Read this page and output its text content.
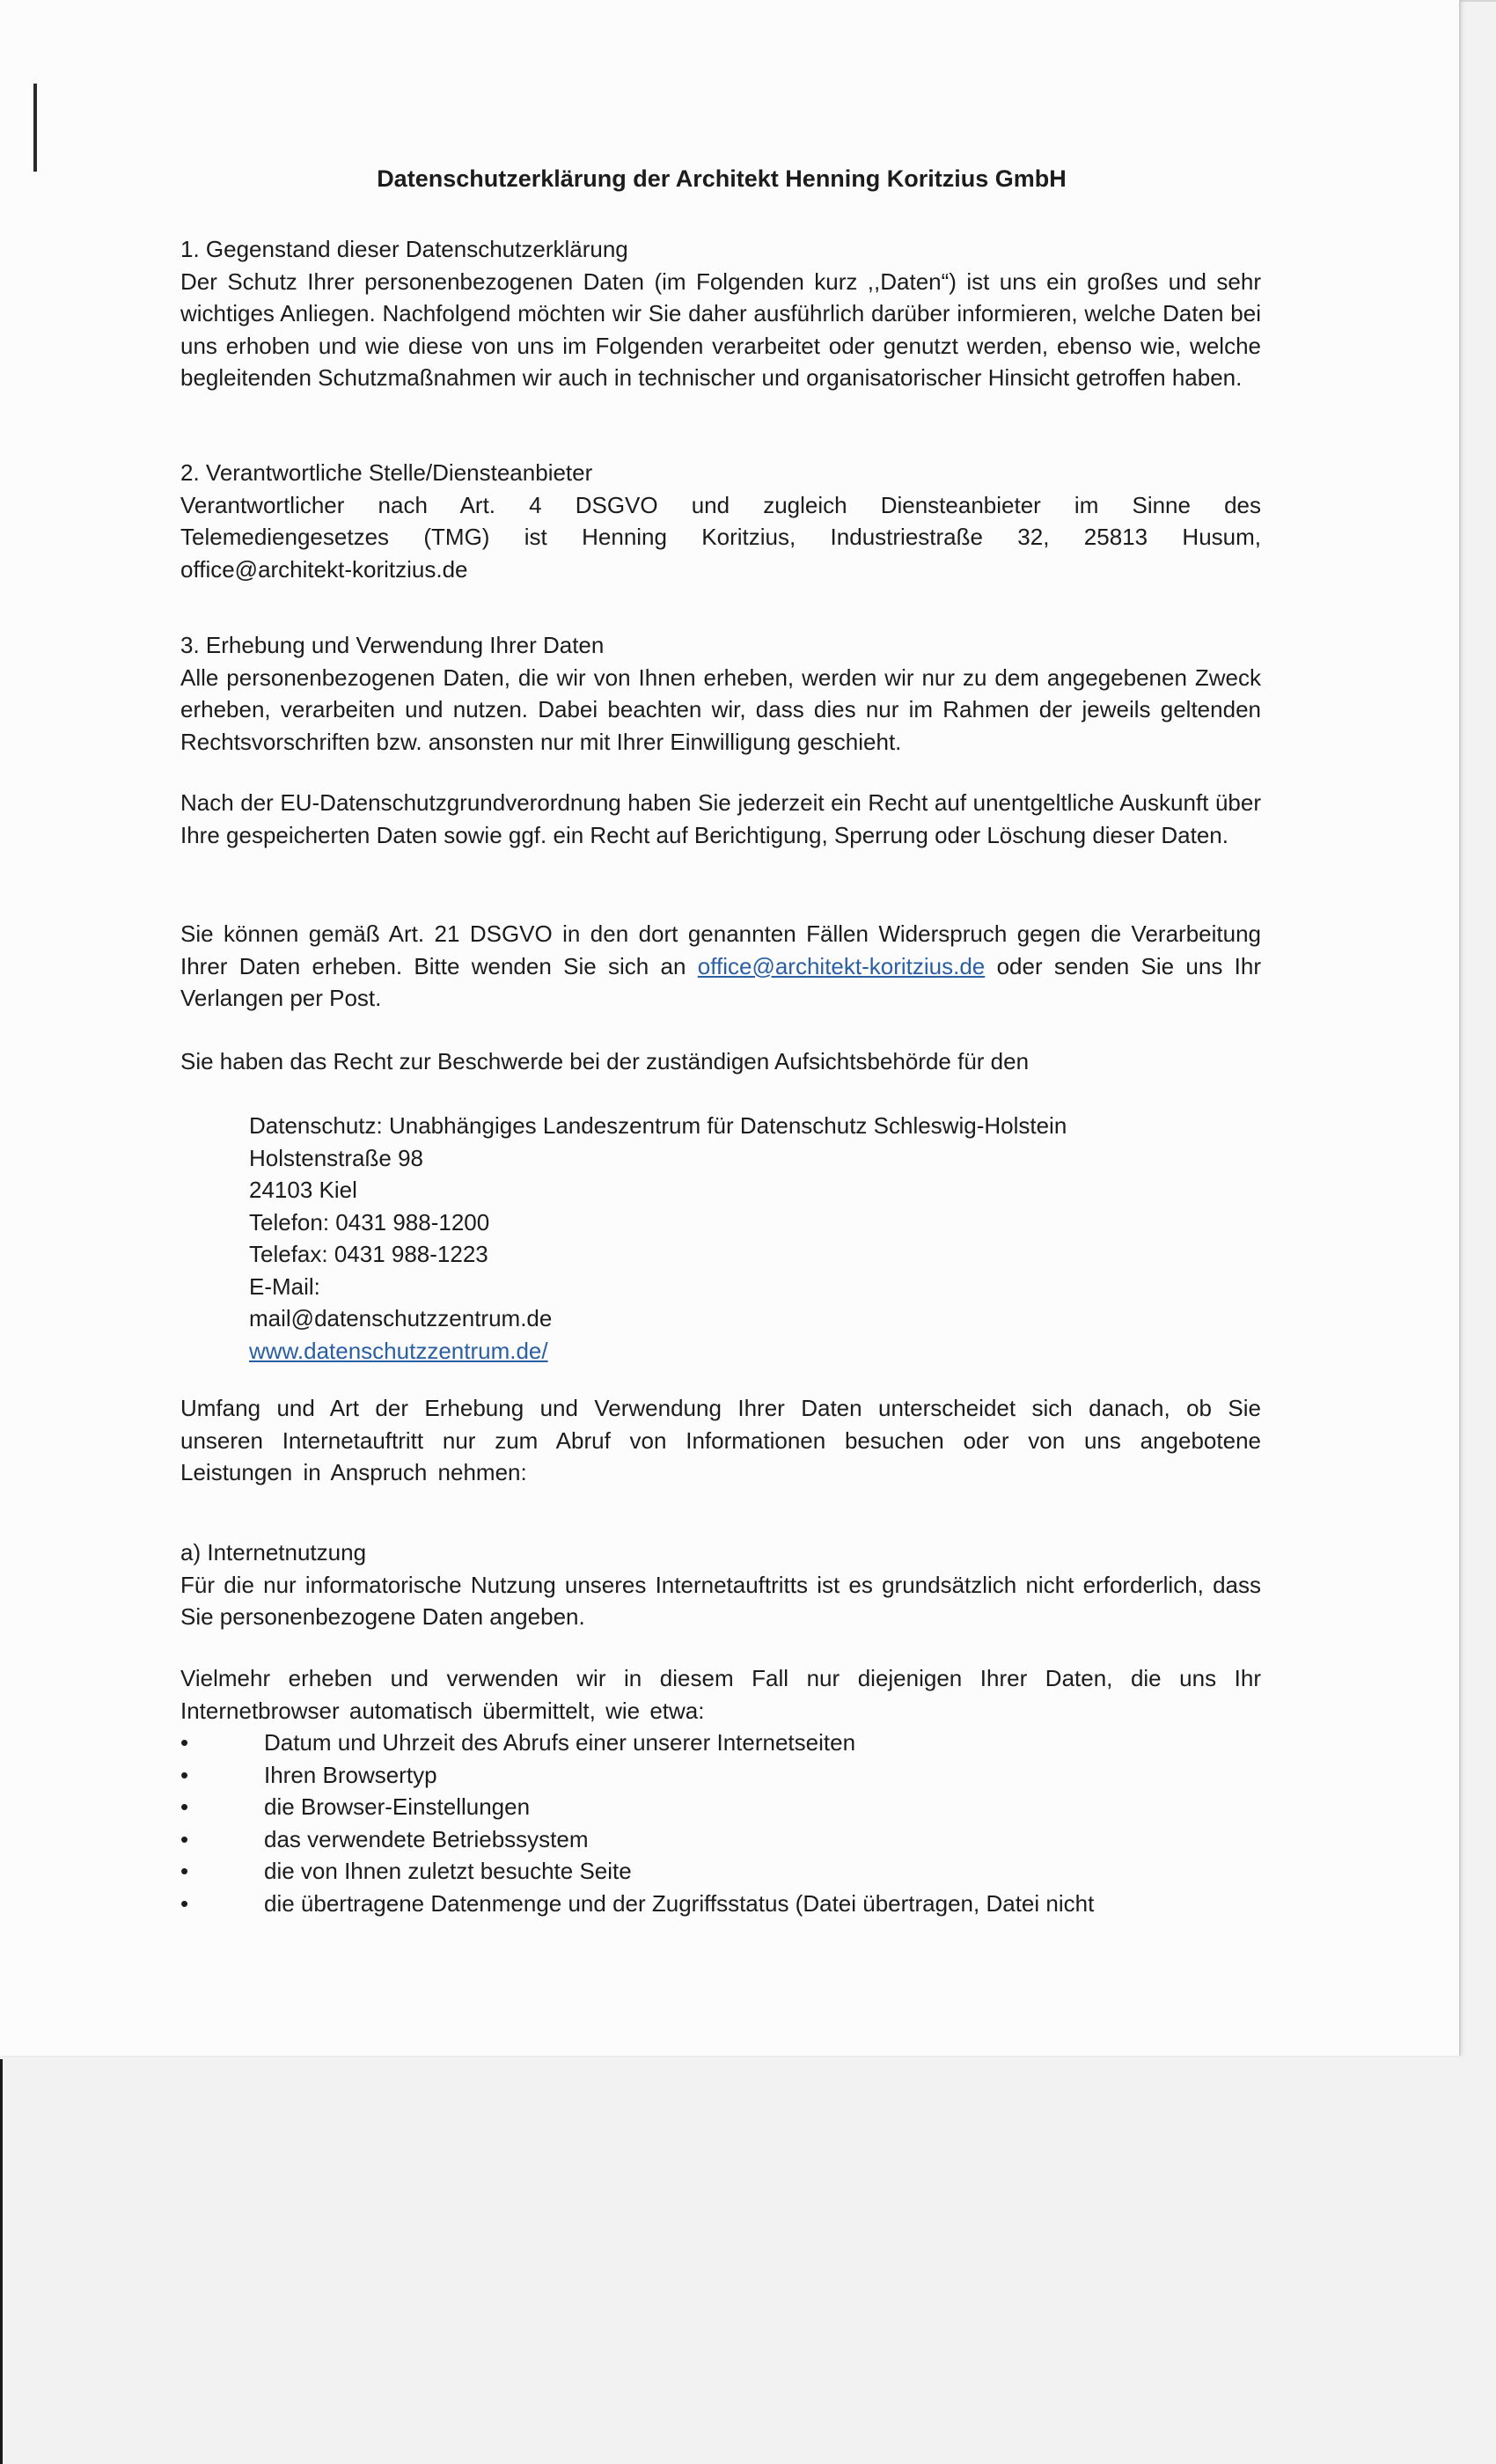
Datenschutzerklärung der Architekt Henning Koritzius GmbH

1. Gegenstand dieser Datenschutzerklärung

Der Schutz Ihrer personenbezogenen Daten (im Folgenden kurz ,,Daten“) ist uns ein großes und sehr wichtiges Anliegen. Nachfolgend möchten wir Sie daher ausführlich darüber informieren, welche Daten bei uns erhoben und wie diese von uns im Folgenden verarbeitet oder genutzt werden, ebenso wie, welche begleitenden Schutzmaßnahmen wir auch in technischer und organisatorischer Hinsicht getroffen haben.

2. Verantwortliche Stelle/Diensteanbieter

Verantwortlicher nach Art. 4 DSGVO und zugleich Diensteanbieter im Sinne des Telemediengesetzes (TMG) ist Henning Koritzius, Industriestraße 32, 25813 Husum, office@architekt-koritzius.de

3. Erhebung und Verwendung Ihrer Daten

Alle personenbezogenen Daten, die wir von Ihnen erheben, werden wir nur zu dem angegebenen Zweck erheben, verarbeiten und nutzen. Dabei beachten wir, dass dies nur im Rahmen der jeweils geltenden Rechtsvorschriften bzw. ansonsten nur mit Ihrer Einwilligung geschieht.

Nach der EU-Datenschutzgrundverordnung haben Sie jederzeit ein Recht auf unentgeltliche Auskunft über Ihre gespeicherten Daten sowie ggf. ein Recht auf Berichtigung, Sperrung oder Löschung dieser Daten.

Sie können gemäß Art. 21 DSGVO in den dort genannten Fällen Widerspruch gegen die Verarbeitung Ihrer Daten erheben. Bitte wenden Sie sich an office@architekt-koritzius.de oder senden Sie uns Ihr Verlangen per Post.

Sie haben das Recht zur Beschwerde bei der zuständigen Aufsichtsbehörde für den

Datenschutz: Unabhängiges Landeszentrum für Datenschutz Schleswig-Holstein

Holstenstraße 98

24103 Kiel

Telefon: 0431 988-1200

Telefax: 0431 988-1223

E-Mail:

mail@datenschutzzentrum.de

www.datenschutzzentrum.de/

Umfang und Art der Erhebung und Verwendung Ihrer Daten unterscheidet sich danach, ob Sie unseren Internetauftritt nur zum Abruf von Informationen besuchen oder von uns angebotene Leistungen in Anspruch nehmen:

a) Internetnutzung

Für die nur informatorische Nutzung unseres Internetauftritts ist es grundsätzlich nicht erforderlich, dass Sie personenbezogene Daten angeben.

Vielmehr erheben und verwenden wir in diesem Fall nur diejenigen Ihrer Daten, die uns Ihr Internetbrowser automatisch übermittelt, wie etwa:

• Datum und Uhrzeit des Abrufs einer unserer Internetseiten
• Ihren Browsertyp
• die Browser-Einstellungen
• das verwendete Betriebssystem
• die von Ihnen zuletzt besuchte Seite
• die übertragene Datenmenge und der Zugriffsstatus (Datei übertragen, Datei nicht
